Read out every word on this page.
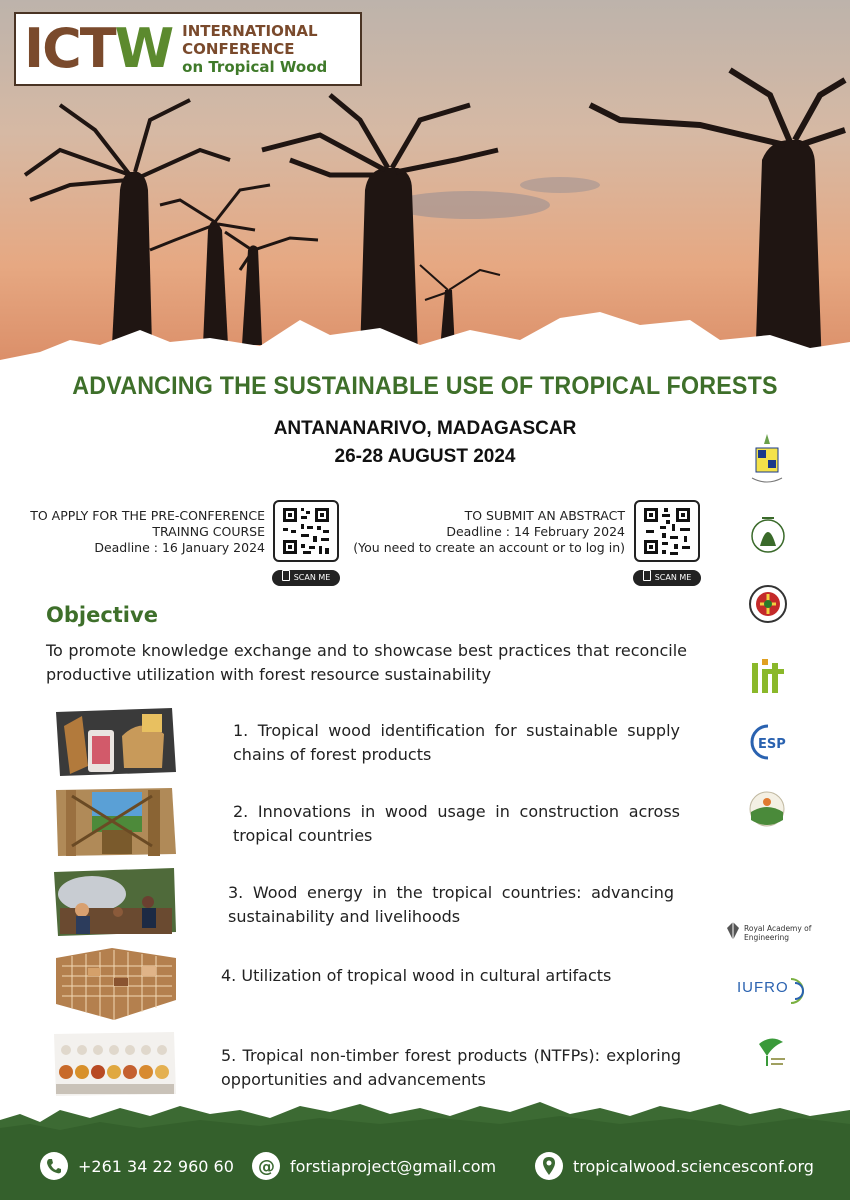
ICTW INTERNATIONAL
CONFERENCE
on Tropical Wood
ADVANCING THE SUSTAINABLE USE OF TROPICAL FORESTS
ANTANANARIVO, MADAGASCAR
26-28 AUGUST 2024
TO APPLY FOR THE PRE-CONFERENCE
TRAINNG COURSE
Deadline : 16 January 2024
SCAN ME
TO SUBMIT AN ABSTRACT
Deadline : 14 February 2024
(You need to create an account or to log in)
SCAN ME
Objective
To promote knowledge exchange and to showcase best practices that reconcile productive utilization with forest resource sustainability
1. Tropical wood identification for sustainable supply chains of forest products
2. Innovations in wood usage in construction across tropical countries
3. Wood energy in the tropical countries: advancing sustainability and livelihoods
4. Utilization of tropical wood in cultural artifacts
5. Tropical non-timber forest products (NTFPs): exploring opportunities and advancements
ESP
Royal Academy of Engineering
IUFRO
+261 34 22 960 60 @ forstiaproject@gmail.com	tropicalwood.sciencesconf.org
